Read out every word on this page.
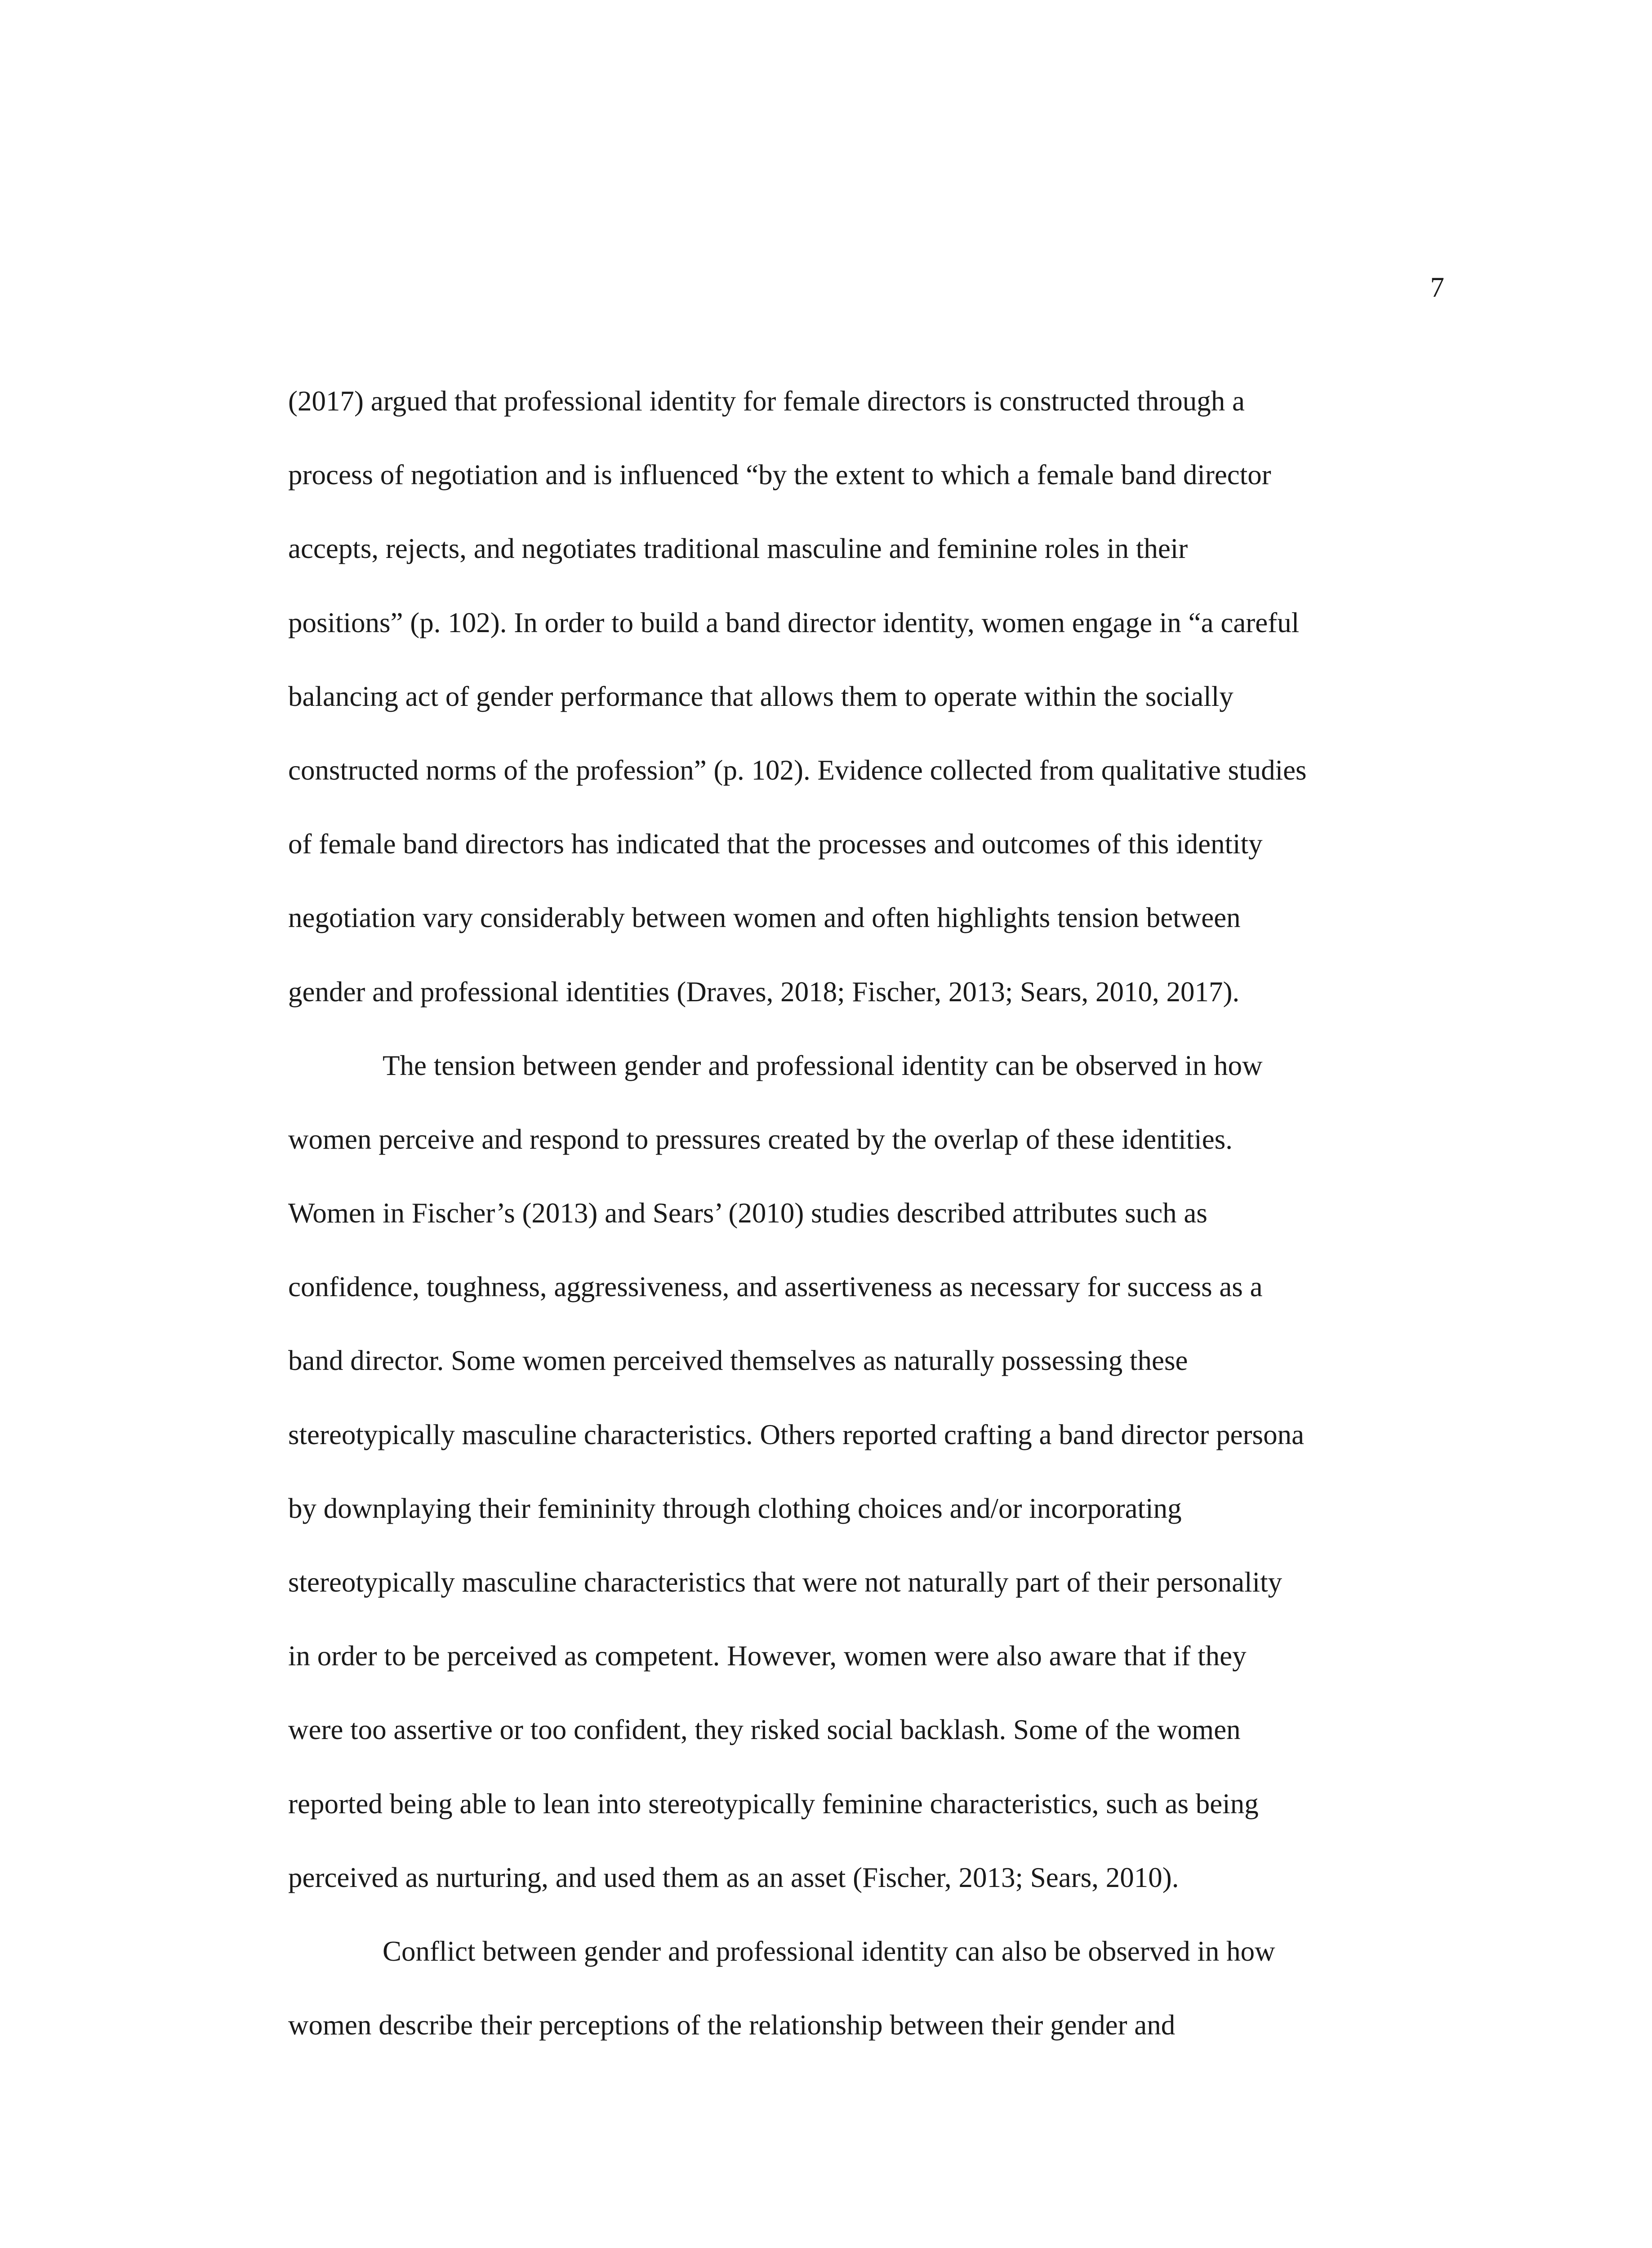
7
(2017) argued that professional identity for female directors is constructed through a
process of negotiation and is influenced “by the extent to which a female band director
accepts, rejects, and negotiates traditional masculine and feminine roles in their
positions” (p. 102). In order to build a band director identity, women engage in “a careful
balancing act of gender performance that allows them to operate within the socially
constructed norms of the profession” (p. 102). Evidence collected from qualitative studies
of female band directors has indicated that the processes and outcomes of this identity
negotiation vary considerably between women and often highlights tension between
gender and professional identities (Draves, 2018; Fischer, 2013; Sears, 2010, 2017).
The tension between gender and professional identity can be observed in how
women perceive and respond to pressures created by the overlap of these identities.
Women in Fischer’s (2013) and Sears’ (2010) studies described attributes such as
confidence, toughness, aggressiveness, and assertiveness as necessary for success as a
band director. Some women perceived themselves as naturally possessing these
stereotypically masculine characteristics. Others reported crafting a band director persona
by downplaying their femininity through clothing choices and/or incorporating
stereotypically masculine characteristics that were not naturally part of their personality
in order to be perceived as competent. However, women were also aware that if they
were too assertive or too confident, they risked social backlash. Some of the women
reported being able to lean into stereotypically feminine characteristics, such as being
perceived as nurturing, and used them as an asset (Fischer, 2013; Sears, 2010).
Conflict between gender and professional identity can also be observed in how
women describe their perceptions of the relationship between their gender and
